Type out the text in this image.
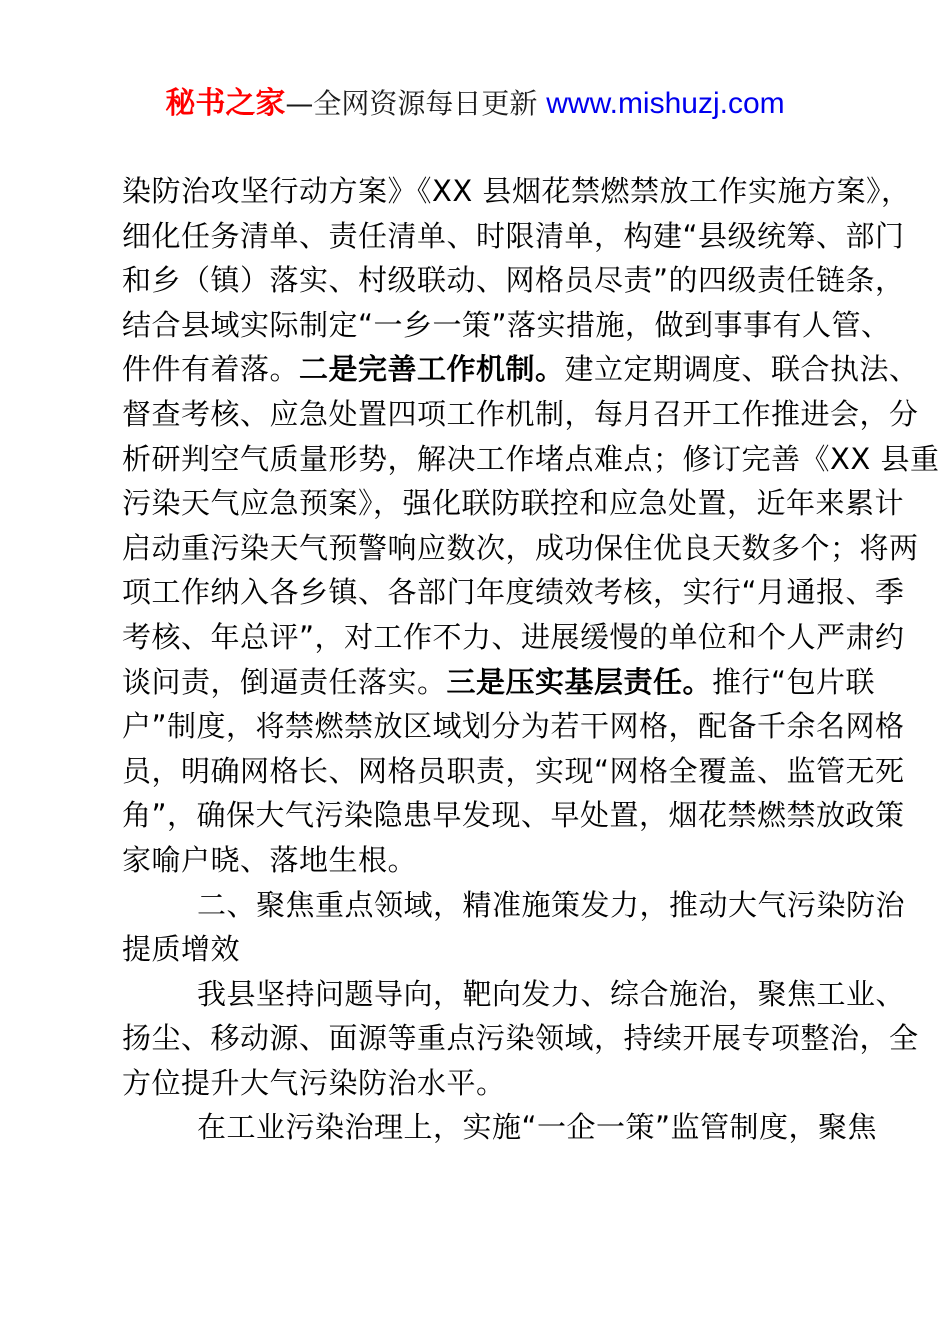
秘书之家—全网资源每日更新 www.mishuzj.com
染防治攻坚行动方案》《XX 县烟花禁燃禁放工作实施方案》，
细化任务清单、责任清单、时限清单，构建“县级统筹、部门
和乡（镇）落实、村级联动、网格员尽责”的四级责任链条，
结合县域实际制定“一乡一策”落实措施，做到事事有人管、
件件有着落。二是完善工作机制。建立定期调度、联合执法、
督查考核、应急处置四项工作机制，每月召开工作推进会，分
析研判空气质量形势，解决工作堵点难点；修订完善《XX 县重
污染天气应急预案》，强化联防联控和应急处置，近年来累计
启动重污染天气预警响应数次，成功保住优良天数多个；将两
项工作纳入各乡镇、各部门年度绩效考核，实行“月通报、季
考核、年总评”，对工作不力、进展缓慢的单位和个人严肃约
谈问责，倒逼责任落实。三是压实基层责任。推行“包片联
户”制度，将禁燃禁放区域划分为若干网格，配备千余名网格
员，明确网格长、网格员职责，实现“网格全覆盖、监管无死
角”，确保大气污染隐患早发现、早处置，烟花禁燃禁放政策
家喻户晓、落地生根。
二、聚焦重点领域，精准施策发力，推动大气污染防治
提质增效
我县坚持问题导向，靶向发力、综合施治，聚焦工业、
扬尘、移动源、面源等重点污染领域，持续开展专项整治，全
方位提升大气污染防治水平。
在工业污染治理上，实施“一企一策”监管制度，聚焦
